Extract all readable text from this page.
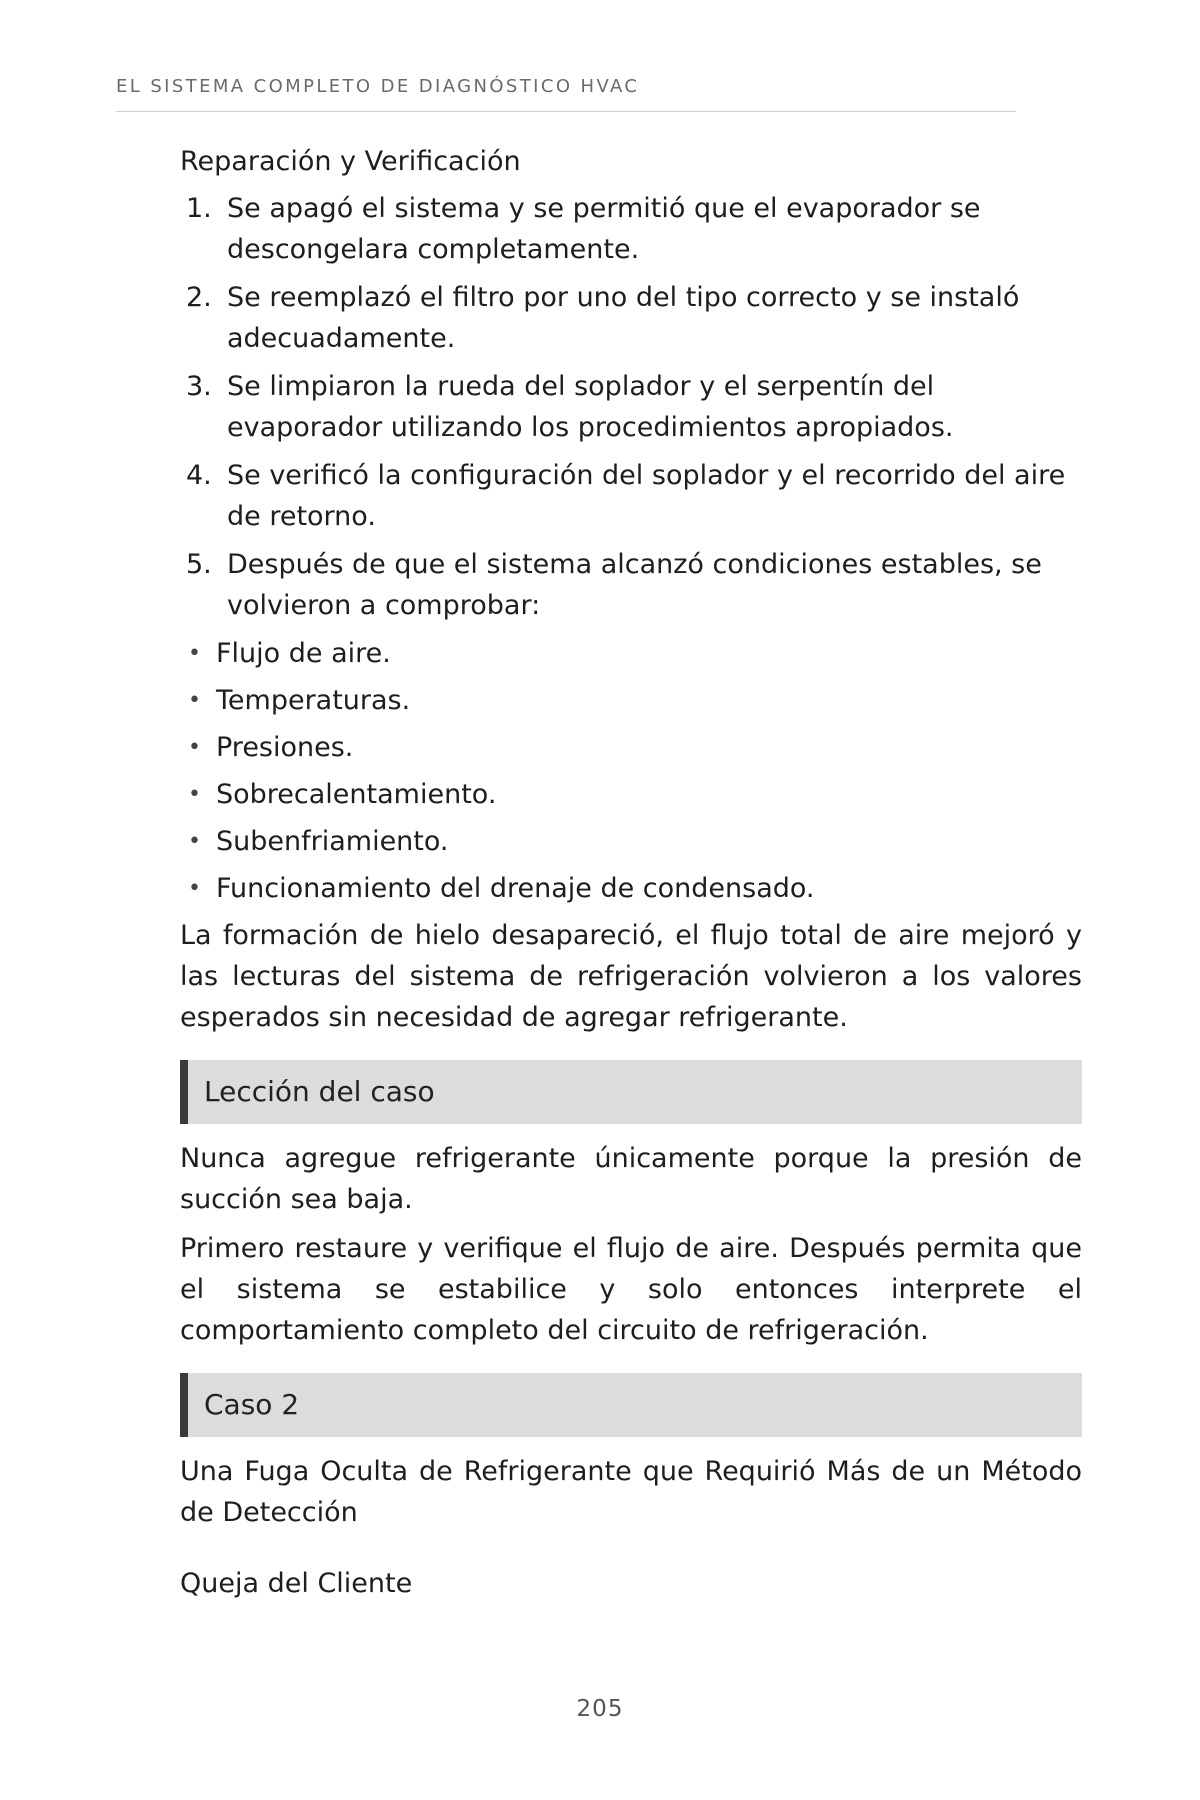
EL SISTEMA COMPLETO DE DIAGNÓSTICO HVAC

Reparación y Verificación

1. Se apagó el sistema y se permitió que el evaporador se descongelara completamente.
2. Se reemplazó el filtro por uno del tipo correcto y se instaló adecuadamente.
3. Se limpiaron la rueda del soplador y el serpentín del evaporador utilizando los procedimientos apropiados.
4. Se verificó la configuración del soplador y el recorrido del aire de retorno.
5. Después de que el sistema alcanzó condiciones estables, se volvieron a comprobar:
• Flujo de aire.
• Temperaturas.
• Presiones.
• Sobrecalentamiento.
• Subenfriamiento.
• Funcionamiento del drenaje de condensado.

La formación de hielo desapareció, el flujo total de aire mejoró y las lecturas del sistema de refrigeración volvieron a los valores esperados sin necesidad de agregar refrigerante.

Lección del caso

Nunca agregue refrigerante únicamente porque la presión de succión sea baja.

Primero restaure y verifique el flujo de aire. Después permita que el sistema se estabilice y solo entonces interprete el comportamiento completo del circuito de refrigeración.

Caso 2

Una Fuga Oculta de Refrigerante que Requirió Más de un Método de Detección

Queja del Cliente

205
